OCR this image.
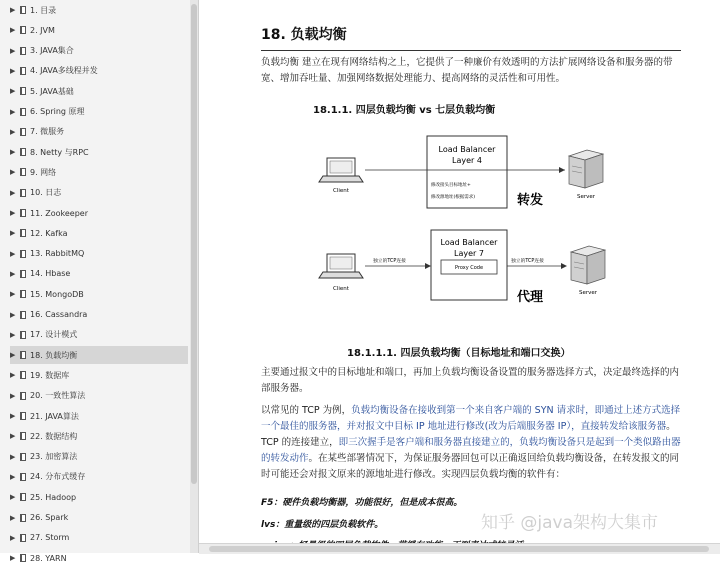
▶	1. 目录
▶	2. JVM
▶	3. JAVA集合
▶	4. JAVA多线程并发
▶	5. JAVA基础
▶	6. Spring 原理
▶	7. 微服务
▶	8. Netty 与RPC
▶	9. 网络
▶	10. 日志
▶	11. Zookeeper
▶	12. Kafka
▶	13. RabbitMQ
▶	14. Hbase
▶	15. MongoDB
▶	16. Cassandra
▶	17. 设计模式
▶	18. 负载均衡
▶	19. 数据库
▶	20. 一致性算法
▶	21. JAVA算法
▶	22. 数据结构
▶	23. 加密算法
▶	24. 分布式缓存
▶	25. Hadoop
▶	26. Spark
▶	27. Storm
▶	28. YARN
18. 负载均衡
负载均衡 建立在现有网络结构之上，它提供了一种廉价有效透明的方法扩展网络设备和服务器的带宽、增加吞吐量、加强网络数据处理能力、提高网络的灵活性和可用性。
18.1.1. 四层负载均衡 vs 七层负载均衡
Client
Load Balancer
Layer 4
修改接头目标地址+
修改源地址(根据需求)	转发	Server
Client
独立的TCP连接
Load Balancer
Layer 7
Proxy Code
独立的TCP连接
代理	Server
18.1.1.1. 四层负载均衡（目标地址和端口交换）
主要通过报文中的目标地址和端口，再加上负载均衡设备设置的服务器选择方式，决定最终选择的内部服务器。
以常见的 TCP 为例，负载均衡设备在接收到第一个来自客户端的 SYN 请求时，即通过上述方式选择一个最佳的服务器，并对报文中目标 IP 地址进行修改(改为后端服务器 IP），直接转发给该服务器。TCP 的连接建立，即三次握手是客户端和服务器直接建立的，负载均衡设备只是起到一个类似路由器的转发动作。在某些部署情况下，为保证服务器回包可以正确返回给负载均衡设备，在转发报文的同时可能还会对报文原来的源地址进行修改。实现四层负载均衡的软件有：
F5：硬件负载均衡器，功能很好，但是成本很高。
lvs：重量级的四层负载软件。	知乎 @java架构大集市
